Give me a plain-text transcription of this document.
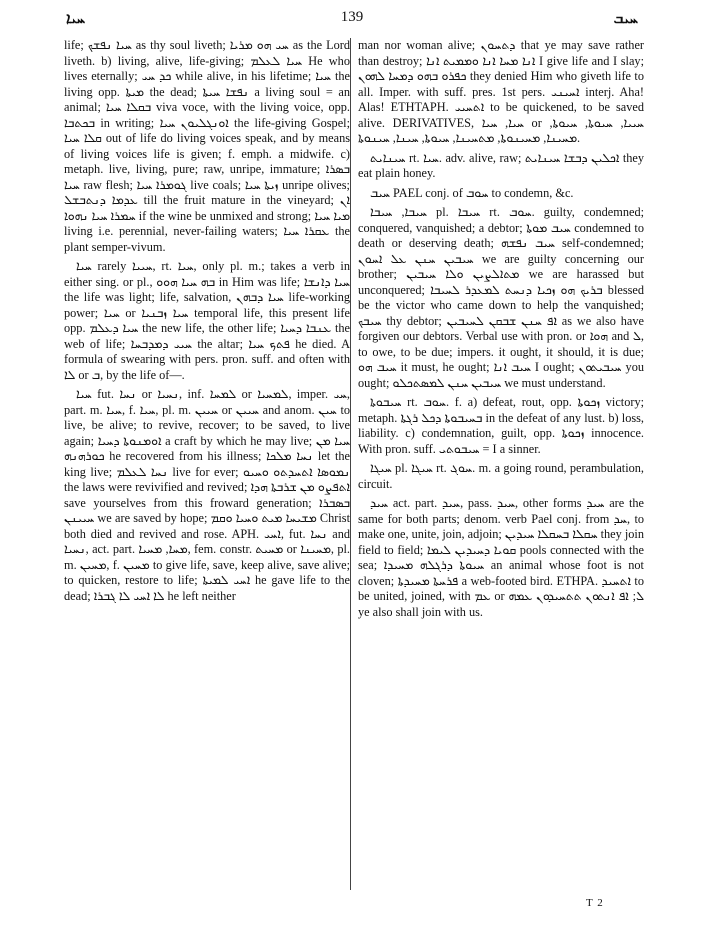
ܚܝܐ	139	ܚܝܒ

life; ܚܝܐ ܢܦܫܟ as thy soul liveth; ܚܝ ܗܘ ܡܪܝܐ as the Lord liveth. b) living, alive, life-giving; ܚܝܐ ܠܥܠܡ He who lives eternally; ܟܕ ܚܝ while alive, in his lifetime; ܚܝܐ the living opp. ܡܝܬܐ the dead; ܢܦܫܐ ܚܝܬܐ a living soul = an animal; ܒܩܠܐ ܚܝܐ viva voce, with the living voice, opp. ܒܟܬܒܐ in writing; ܐܘܢܓܠܝܘܢ ܚܝܐ the life-giving Gospel; ܩܠܐ ܚܝܐ out of life do living voices speak, and by means of living voices life is given; f. emph. a midwife. c) metaph. live, living, pure; raw, unripe, immature; ܒܣܪܐ ܚܝܐ raw flesh; ܓܘܡܪܐ ܚܝܐ live coals; ܙܝܬܐ ܚܝܐ unripe olives; ܥܕܡܐ ܕܢܬܒܫܠ till the fruit mature in the vineyard; ܐܢ ܚܡܪܐ ܚܝܐ ܢܗܘܐ if the wine be unmixed and strong; ܡܝܐ ܚܝܐ living i.e. perennial, never-failing waters; ܥܩܪܐ ܚܝܐ the plant semper-vivum.

ܚܝܐ rarely ܚܝܝܐ, rt. ܚܝܐ, only pl. m.; takes a verb in either sing. or pl., ܒܗ ܚܝܐ ܗܘܘ in Him was life; ܚܝܐ ܕܐܢܫܐ the life was light; life, salvation, ܚܝܐ ܕܒܗܢ life-working power; ܚܝܐ or ܚܝܐ ܙܒܢܝܐ temporal life, this present life opp. ܚܝܐ ܕܥܠܡ the new life, the other life; ܥܢܒܐ ܕܚܝܐ the web of life; ܚܝܝ ܕܡܕܒܚܐ the altar; ܦܬܟ ܚܝܐ he died. A formula of swearing with pers. pron. suff. and often with ܠܐ or ܒ, by the life of—.

ܚܝܐ fut. ܢܚܐ or ܢܚܝܐ, inf. ܠܡܚܐ or ܠܡܚܝܐ, imper. ܚܝ, part. m. ܚܝܐ, f. ܚܝܐ, pl. m. ܚܝܝܢ or ܚܝܝܢ and anom. ܚܝܢ to live, be alive; to revive, recover; to be saved, to live again; ܐܘܡܢܘܬܐ ܕܚܝܐ a craft by which he may live; ܚܝܐ ܡܢ ܟܘܪܗܢܗ he recovered from his illness; ܢܚܐ ܡܠܟܐ let the king live; ܢܚܐ ܠܥܠܡ live for ever; ܢܡܘܣܐ ܐܬܚܕܬܘ ܘܚܝܘ the laws were revivified and revived; ܐܬܦܨܘ ܡܢ ܫܪܒܬܐ ܗܕܐ save yourselves from this froward generation; ܒܣܒܪܐ ܚܝܝܢܢ we are saved by hope; ܡܫܝܚܐ ܡܝܬ ܘܚܝܐ ܘܩܡ Christ both died and revived and rose. APH. ܐܚܝ, fut. ܢܚܐ and ܢܚܝܐ, act. part. ܡܚܐ, ܡܚܝܐ, fem. constr. ܡܚܝܬ or ܡܚܝܢܐ, pl. m. ܡܚܝܢ, f. ܡܚܝܢ to give life, save, keep alive, save alive; to quicken, restore to life; ܐܚܝ ܠܡܝܬܐ he gave life to the dead; ܠܐ ܐܚܝ ܠܐ ܓܒܪܐ he left neither

man nor woman alive; ܕܬܚܘܢ that ye may save rather than destroy; ܐܢܐ ܡܚܐ ܐܢܐ ܘܡܡܝܬ ܐܢܐ I give life and I slay; ܟܦܪܘ ܒܗܘ ܕܡܚܐ ܠܗܘܢ they denied Him who giveth life to all. Imper. with suff. pres. 1st pers. ܐܚܝܢܝ interj. Aha! Alas! ETHTAPH. ܐܬܚܝܝ to be quickened, to be saved alive. DERIVATIVES, ܚܝܐ, ܚܝܐ or ܚܝܝܐ, ܚܝܘܬܐ, ܚܝܘܬܐ, ܡܚܝܢܐ, ܡܚܝܢܘܬܐ, ܡܬܚܝܢܐ, ܚܝܘܬܐ, ܚܝܢܐ, ܚܝܢܘܬܐ.

ܚܝܢܐܝܬ rt. ܚܝܐ. adv. alive, raw; ܐܟܠܝܢ ܕܒܫܐ ܚܝܢܐܝܬ they eat plain honey.

ܚܝܒ PAEL conj. of ܚܘܒ to condemn, &c.

ܚܝܒܐ, ܚܝܒܐ pl. ܚܝܒܐ rt. ܚܘܒ. guilty, condemned; conquered, vanquished; a debtor; ܚܝܒ ܡܘܬܐ condemned to death or deserving death; ܚܝܒ ܢܦܫܗ self-condemned; ܚܝܒܝܢ ܚܢܢ ܥܠ ܐܚܘܢ we are guilty concerning our brother; ܡܬܐܠܨܝܢ ܘܠܐ ܚܝܒܝܢ we are harassed but unconquered; ܒܪܝܟ ܗܘ ܙܟܝܐ ܕܢܚܬ ܠܡܥܕܪ ܠܚܝܒܐ blessed be the victor who came down to help the vanquished; ܚܝܒܟ thy debtor; ܐܦ ܚܢܢ ܫܒܩܢ ܠܚܝܒܝܢ as we also have forgiven our debtors. Verbal use with pron. or ܗܘܐ and ܠ, to owe, to be due; impers. it ought, it should, it is due; ܚܝܒ ܗܘ it must, he ought; ܚܝܒ ܐܢܐ I ought; ܚܝܒܝܬܘܢ you ought; ܚܝܒܝܢ ܚܢܢ ܠܡܣܬܟܠܘ we must understand.

ܚܝܒܘܬܐ rt. ܚܘܒ. f. a) defeat, rout, opp. ܙܟܘܬܐ victory; metaph. ܒܚܝܒܘܬܐ ܕܟܠ ܪܓܬܐ in the defeat of any lust. b) loss, liability. c) condemnation, guilt, opp. ܙܟܘܬܐ innocence. With pron. suff. ܚܝܒܘܬܝ = I a sinner.

ܚܝܓܐ pl. ܚܝܓܐ rt. ܚܘܓ. m. a going round, perambulation, circuit.

ܚܝܕ act. part. ܚܝܕ, pass. ܚܝܕ, other forms ܚܝܕ are the same for both parts; denom. verb Pael conj. from ܚܕ, to make one, unite, join, adjoin; ܚܩܠܐ ܒܚܩܠܐ ܚܝܕܝܢ they join field to field; ܩܘܝܐ ܕܚܝܕܝܢ ܠܝܡܐ pools connected with the sea; ܚܝܘܬܐ ܕܪܓܠܗ ܡܚܝܕܐ an animal whose foot is not cloven; ܦܪܚܬܐ ܡܚܝܕܬܐ a web-footed bird. ETHPA. ܐܬܚܝܕ to be united, joined, with ܥܡ or ܠ; ܐܦ ܐܢܬܘܢ ܬܬܚܝܕܘܢ ܥܡܗ ye also shall join with us.

T 2
